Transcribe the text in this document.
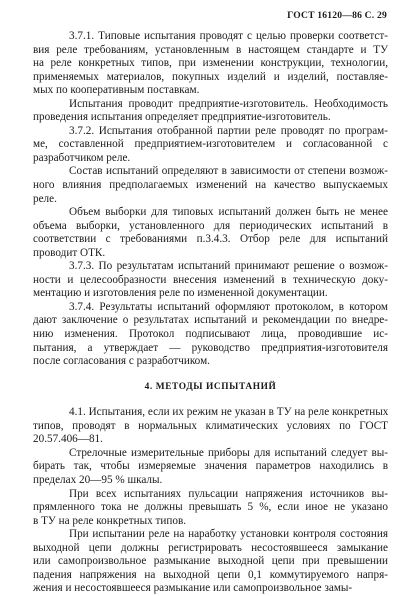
ГОСТ 16120—86 С. 29
3.7.1. Типовые испытания проводят с целью проверки соответст-
вия реле требованиям, установленным в настоящем стандарте и ТУ
на реле конкретных типов, при изменении конструкции, технологии,
применяемых материалов, покупных изделий и изделий, поставляе-
мых по кооперативным поставкам.
Испытания проводит предприятие-изготовитель. Необходимость
проведения испытания определяет предприятие-изготовитель.
3.7.2. Испытания отобранной партии реле проводят по програм-
ме, составленной предприятием-изготовителем и согласованной с
разработчиком реле.
Состав испытаний определяют в зависимости от степени возмож-
ного влияния предполагаемых изменений на качество выпускаемых
реле.
Объем выборки для типовых испытаний должен быть не менее
объема выборки, установленного для периодических испытаний в
соответствии с требованиями п.3.4.3. Отбор реле для испытаний
проводит ОТК.
3.7.3. По результатам испытаний принимают решение о возмож-
ности и целесообразности внесения изменений в техническую доку-
ментацию и изготовления реле по измененной документации.
3.7.4. Результаты испытаний оформляют протоколом, в котором
дают заключение о результатах испытаний и рекомендации по внедре-
нию изменения. Протокол подписывают лица, проводившие ис-
пытания, а утверждает — руководство предприятия-изготовителя
после согласования с разработчиком.
4. МЕТОДЫ ИСПЫТАНИЙ
4.1. Испытания, если их режим не указан в ТУ на реле конкретных
типов, проводят в нормальных климатических условиях по ГОСТ
20.57.406—81.
Стрелочные измерительные приборы для испытаний следует вы-
бирать так, чтобы измеряемые значения параметров находились в
пределах 20—95 % шкалы.
При всех испытаниях пульсации напряжения источников вы-
прямленного тока не должны превышать 5 %, если иное не указано
в ТУ на реле конкретных типов.
При испытании реле на наработку установки контроля состояния
выходной цепи должны регистрировать несостоявшееся замыкание
или самопроизвольное размыкание выходной цепи при превышении
падения напряжения на выходной цепи 0,1 коммутируемого напря-
жения и несостоявшееся размыкание или самопроизвольное замы-
